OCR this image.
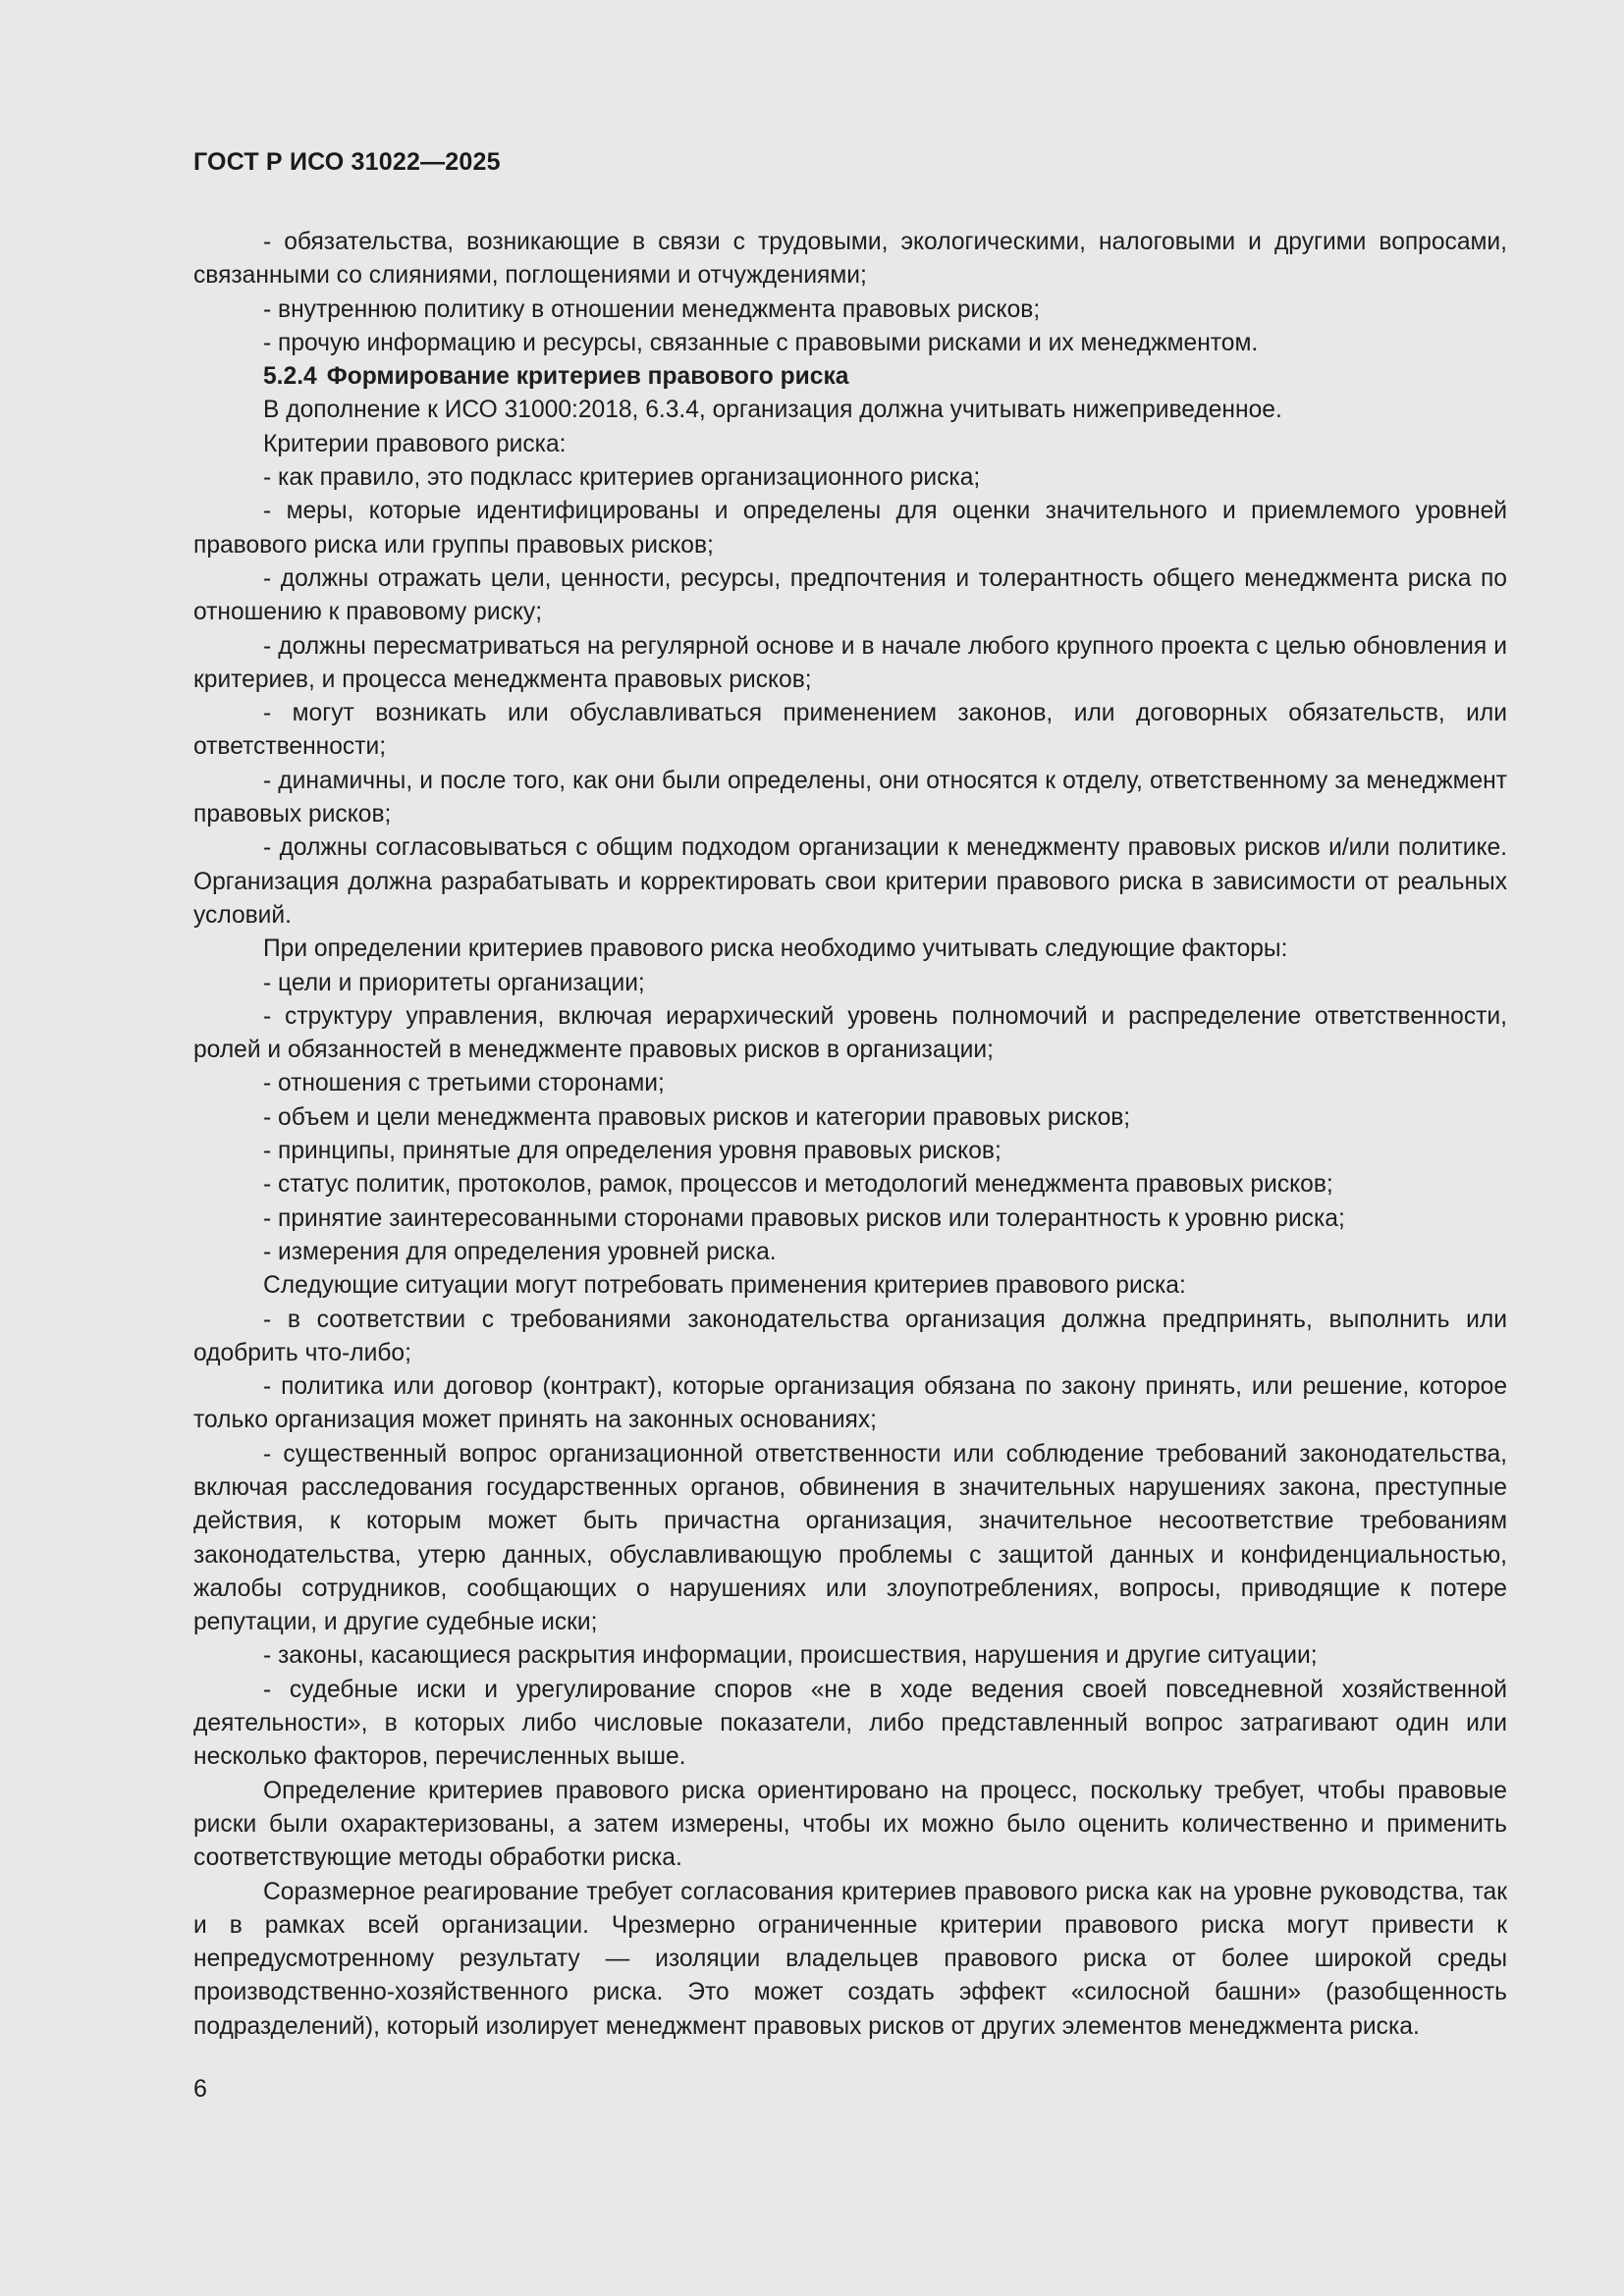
ГОСТ Р ИСО 31022—2025

- обязательства, возникающие в связи с трудовыми, экологическими, налоговыми и другими вопросами, связанными со слияниями, поглощениями и отчуждениями;

- внутреннюю политику в отношении менеджмента правовых рисков;

- прочую информацию и ресурсы, связанные с правовыми рисками и их менеджментом.

5.2.4 Формирование критериев правового риска

В дополнение к ИСО 31000:2018, 6.3.4, организация должна учитывать нижеприведенное.

Критерии правового риска:

- как правило, это подкласс критериев организационного риска;

- меры, которые идентифицированы и определены для оценки значительного и приемлемого уровней правового риска или группы правовых рисков;

- должны отражать цели, ценности, ресурсы, предпочтения и толерантность общего менеджмента риска по отношению к правовому риску;

- должны пересматриваться на регулярной основе и в начале любого крупного проекта с целью обновления и критериев, и процесса менеджмента правовых рисков;

- могут возникать или обуславливаться применением законов, или договорных обязательств, или ответственности;

- динамичны, и после того, как они были определены, они относятся к отделу, ответственному за менеджмент правовых рисков;

- должны согласовываться с общим подходом организации к менеджменту правовых рисков и/или политике. Организация должна разрабатывать и корректировать свои критерии правового риска в зависимости от реальных условий.

При определении критериев правового риска необходимо учитывать следующие факторы:

- цели и приоритеты организации;

- структуру управления, включая иерархический уровень полномочий и распределение ответственности, ролей и обязанностей в менеджменте правовых рисков в организации;

- отношения с третьими сторонами;

- объем и цели менеджмента правовых рисков и категории правовых рисков;

- принципы, принятые для определения уровня правовых рисков;

- статус политик, протоколов, рамок, процессов и методологий менеджмента правовых рисков;

- принятие заинтересованными сторонами правовых рисков или толерантность к уровню риска;

- измерения для определения уровней риска.

Следующие ситуации могут потребовать применения критериев правового риска:

- в соответствии с требованиями законодательства организация должна предпринять, выполнить или одобрить что-либо;

- политика или договор (контракт), которые организация обязана по закону принять, или решение, которое только организация может принять на законных основаниях;

- существенный вопрос организационной ответственности или соблюдение требований законодательства, включая расследования государственных органов, обвинения в значительных нарушениях закона, преступные действия, к которым может быть причастна организация, значительное несоответствие требованиям законодательства, утерю данных, обуславливающую проблемы с защитой данных и конфиденциальностью, жалобы сотрудников, сообщающих о нарушениях или злоупотреблениях, вопросы, приводящие к потере репутации, и другие судебные иски;

- законы, касающиеся раскрытия информации, происшествия, нарушения и другие ситуации;

- судебные иски и урегулирование споров «не в ходе ведения своей повседневной хозяйственной деятельности», в которых либо числовые показатели, либо представленный вопрос затрагивают один или несколько факторов, перечисленных выше.

Определение критериев правового риска ориентировано на процесс, поскольку требует, чтобы правовые риски были охарактеризованы, а затем измерены, чтобы их можно было оценить количественно и применить соответствующие методы обработки риска.

Соразмерное реагирование требует согласования критериев правового риска как на уровне руководства, так и в рамках всей организации. Чрезмерно ограниченные критерии правового риска могут привести к непредусмотренному результату — изоляции владельцев правового риска от более широкой среды производственно-хозяйственного риска. Это может создать эффект «силосной башни» (разобщенность подразделений), который изолирует менеджмент правовых рисков от других элементов менеджмента риска.

6
